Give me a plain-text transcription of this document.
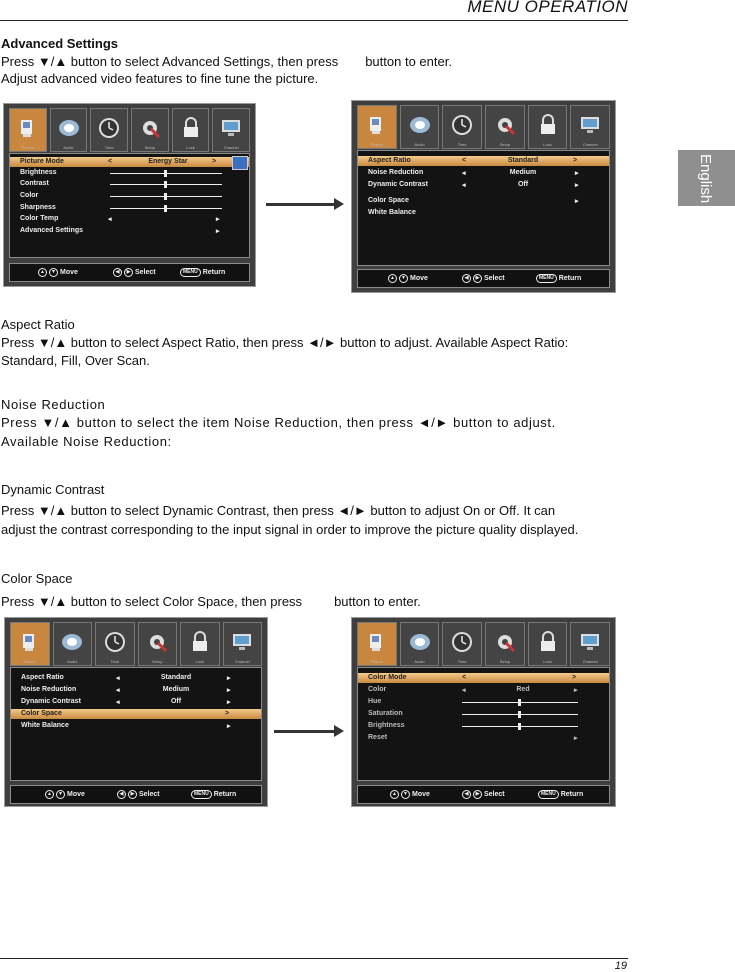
MENU OPERATION
English
Advanced Settings
Press ▼/▲ button to select Advanced Settings, then press button to enter.
Adjust advanced video features to fine tune the picture.
Picture	Audio	Time	Setup	Lock	Channel
Picture Mode	<	Energy Star	>
Brightness
Contrast
Color
Sharpness
Color Temp	◂	▸
Advanced Settings	▸
▲	▼ Move	◀	▶ Select	MENU Return
Picture	Audio	Time	Setup	Lock	Channel
Aspect Ratio	<	Standard	>
Noise Reduction	◂	Medium	▸
Dynamic Contrast	◂	Off	▸
Color Space	▸
White Balance
▲	▼ Move	◀	▶ Select	MENU Return
Aspect Ratio
Press ▼/▲ button to select Aspect Ratio, then press ◄/► button to adjust. Available Aspect Ratio:
Standard, Fill, Over Scan.
Noise Reduction
Press ▼/▲ button to select the item Noise Reduction, then press ◄/► button to adjust.
Available Noise Reduction:
Dynamic Contrast
Press ▼/▲ button to select Dynamic Contrast, then press ◄/► button to adjust On or Off. It can
adjust the contrast corresponding to the input signal in order to improve the picture quality displayed.
Color Space
Press ▼/▲ button to select Color Space, then press button to enter.
Picture	Audio	Time	Setup	Lock	Channel
Aspect Ratio	◂	Standard	▸
Noise Reduction	◂	Medium	▸
Dynamic Contrast	◂	Off	▸
Color Space	>
White Balance	▸
▲	▼ Move	◀	▶ Select	MENU Return
Picture	Audio	Time	Setup	Lock	Channel
Color Mode	<	>
Color	◂	Red	▸
Hue
Saturation
Brightness
Reset	▸
▲	▼ Move	◀	▶ Select	MENU Return
19
